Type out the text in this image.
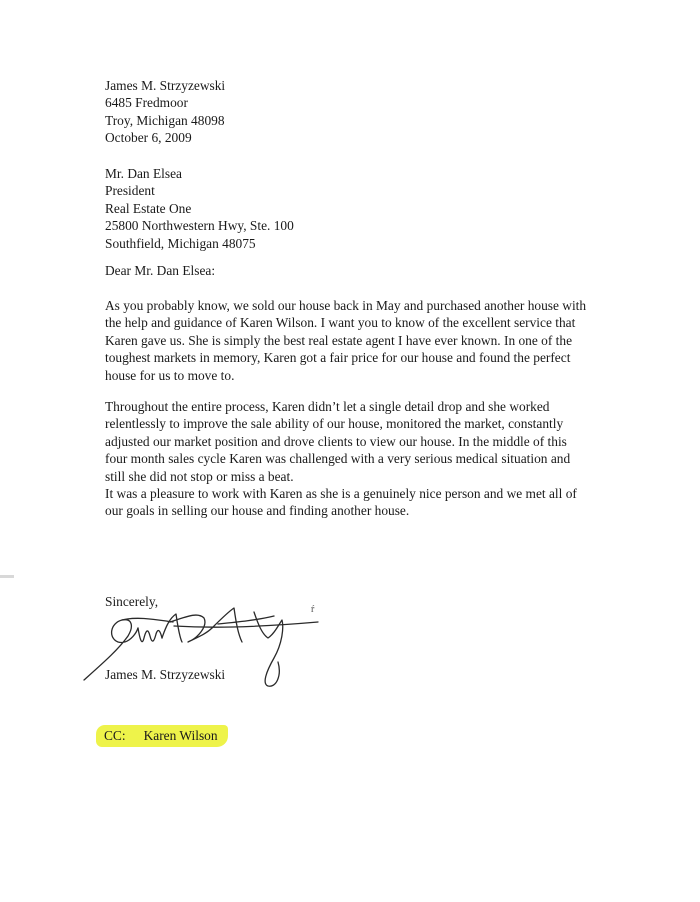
James M. Strzyzewski
6485 Fredmoor
Troy, Michigan 48098
October 6, 2009
Mr. Dan Elsea
President
Real Estate One
25800 Northwestern Hwy, Ste. 100
Southfield, Michigan 48075
Dear Mr. Dan Elsea:
As you probably know, we sold our house back in May and purchased another house with
the help and guidance of Karen Wilson. I want you to know of the excellent service that
Karen gave us. She is simply the best real estate agent I have ever known. In one of the
toughest markets in memory, Karen got a fair price for our house and found the perfect
house for us to move to.
Throughout the entire process, Karen didn’t let a single detail drop and she worked
relentlessly to improve the sale ability of our house, monitored the market, constantly
adjusted our market position and drove clients to view our house. In the middle of this
four month sales cycle Karen was challenged with a very serious medical situation and
still she did not stop or miss a beat.
It was a pleasure to work with Karen as she is a genuinely nice person and we met all of
our goals in selling our house and finding another house.
Sincerely,
James M. Strzyzewski
CC: Karen Wilson
ŕ
